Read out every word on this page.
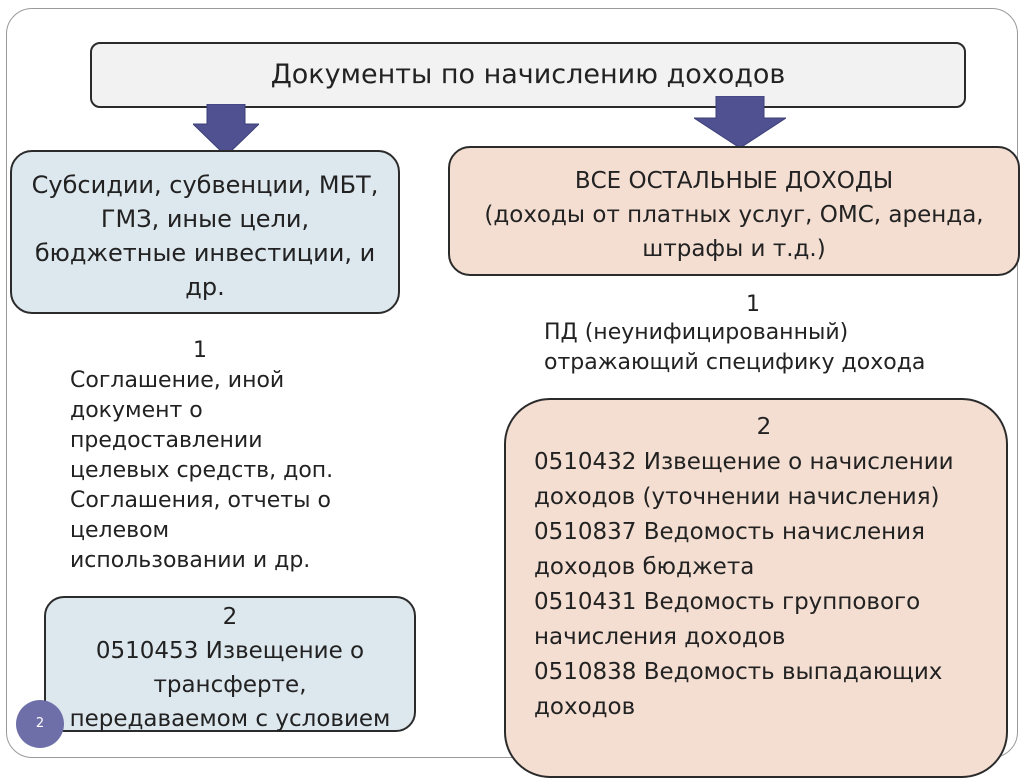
Документы по начислению доходов
Субсидии, субвенции, МБТ,
ГМЗ, иные цели,
бюджетные инвестиции, и
др.
ВСЕ ОСТАЛЬНЫЕ ДОХОДЫ
(доходы от платных услуг, ОМС, аренда,
штрафы и т.д.)
1
Соглашение, иной
документ о
предоставлении
целевых средств, доп.
Соглашения, отчеты о
целевом
использовании и др.
1
ПД (неунифицированный)
отражающий специфику дохода
2
0510453 Извещение о
трансферте,
передаваемом с условием
2
0510432 Извещение о начислении
доходов (уточнении начисления)
0510837 Ведомость начисления
доходов бюджета
0510431 Ведомость группового
начисления доходов
0510838 Ведомость выпадающих
доходов
2
